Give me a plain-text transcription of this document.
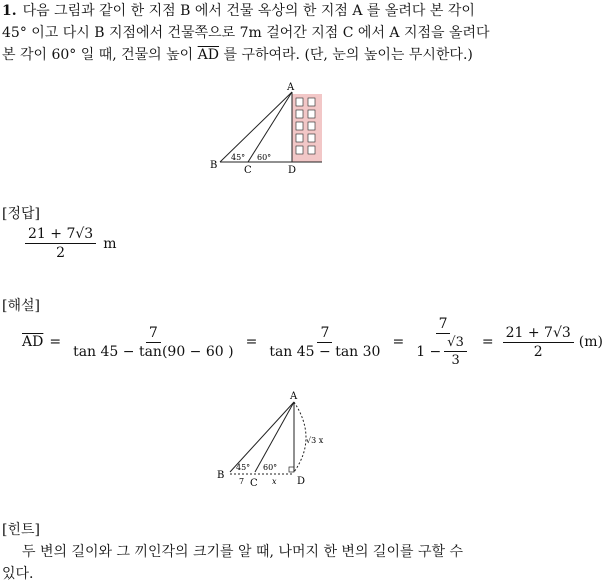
1. 다음 그림과 같이 한 지점 B 에서 건물 옥상의 한 지점 A 를 올려다 본 각이
45° 이고 다시 B 지점에서 건물쪽으로 7m 걸어간 지점 C 에서 A 지점을 올려다
본 각이 60° 일 때, 건물의 높이 $\overline{AD}$ 를 구하여라. (단, 눈의 높이는 무시한다.)
A
B	C	D
45° 60°
[정답]
$\frac{21 + 7√3}{2}$ m
[해설]
$\overline{AD} = \frac{7}{\tan 45 - \tan(90 - 60 )} = \frac{7}{\tan 45 - \tan 30} = \frac{7}{1 - \frac{√3}{3}} = \frac{21 + 7√3}{2} (m)$
A
B
C	D
45° 60°
7	x
√3 x
[힌트]
두 변의 길이와 그 끼인각의 크기를 알 때, 나머지 한 변의 길이를 구할 수
있다.
